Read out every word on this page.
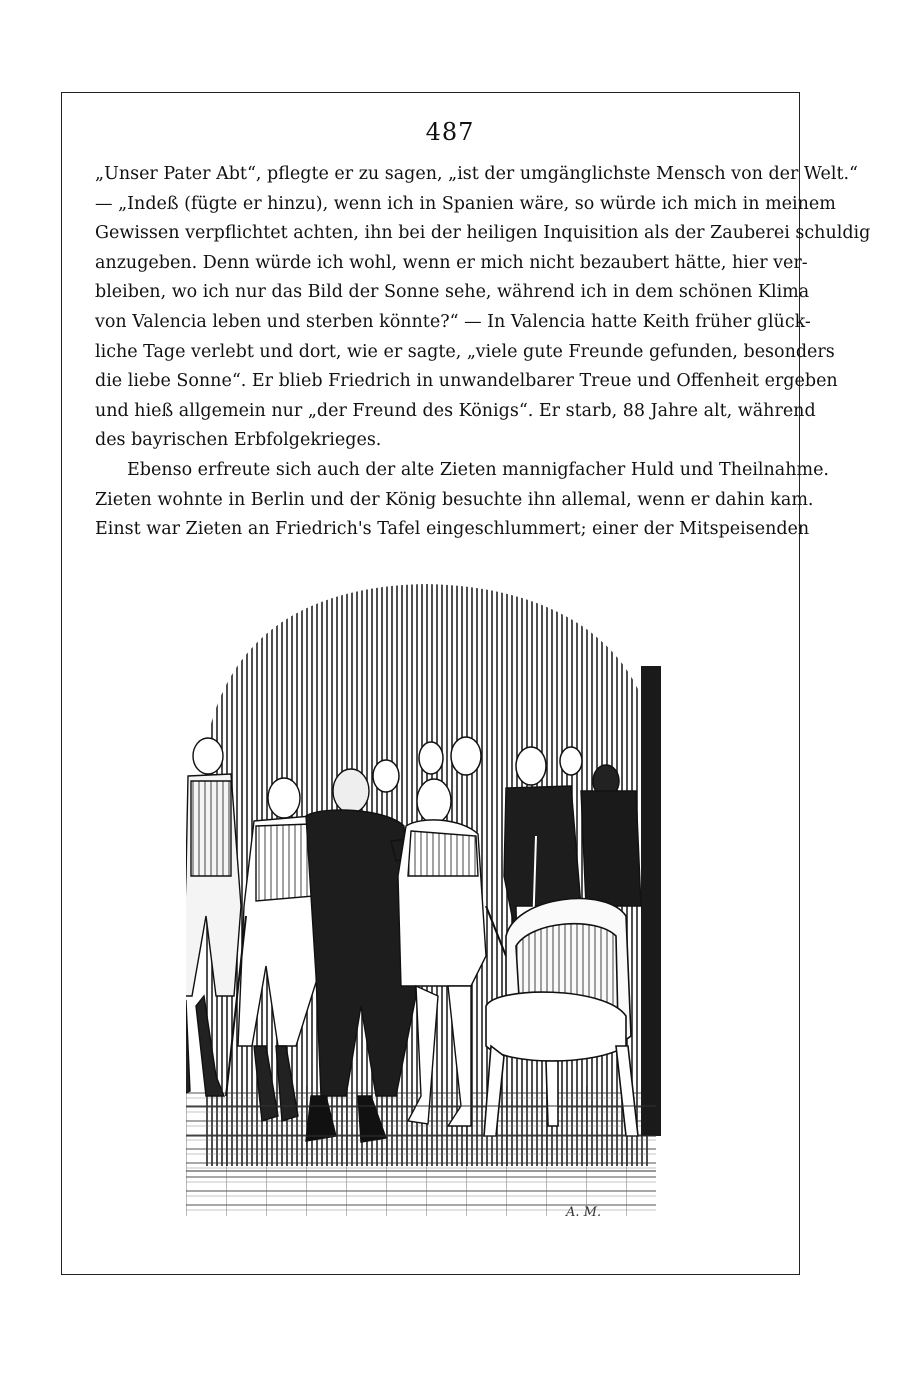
487
„Unser Pater Abt“, pflegte er zu sagen, „ist der umgänglichste Mensch von der Welt.“
— „Indeß (fügte er hinzu), wenn ich in Spanien wäre, so würde ich mich in meinem
Gewissen verpflichtet achten, ihn bei der heiligen Inquisition als der Zauberei schuldig
anzugeben. Denn würde ich wohl, wenn er mich nicht bezaubert hätte, hier ver-
bleiben, wo ich nur das Bild der Sonne sehe, während ich in dem schönen Klima
von Valencia leben und sterben könnte?“ — In Valencia hatte Keith früher glück-
liche Tage verlebt und dort, wie er sagte, „viele gute Freunde gefunden, besonders
die liebe Sonne“. Er blieb Friedrich in unwandelbarer Treue und Offenheit ergeben
und hieß allgemein nur „der Freund des Königs“. Er starb, 88 Jahre alt, während
des bayrischen Erbfolgekrieges.
Ebenso erfreute sich auch der alte Zieten mannigfacher Huld und Theilnahme.
Zieten wohnte in Berlin und der König besuchte ihn allemal, wenn er dahin kam.
Einst war Zieten an Friedrich's Tafel eingeschlummert; einer der Mitspeisenden
A. M.
